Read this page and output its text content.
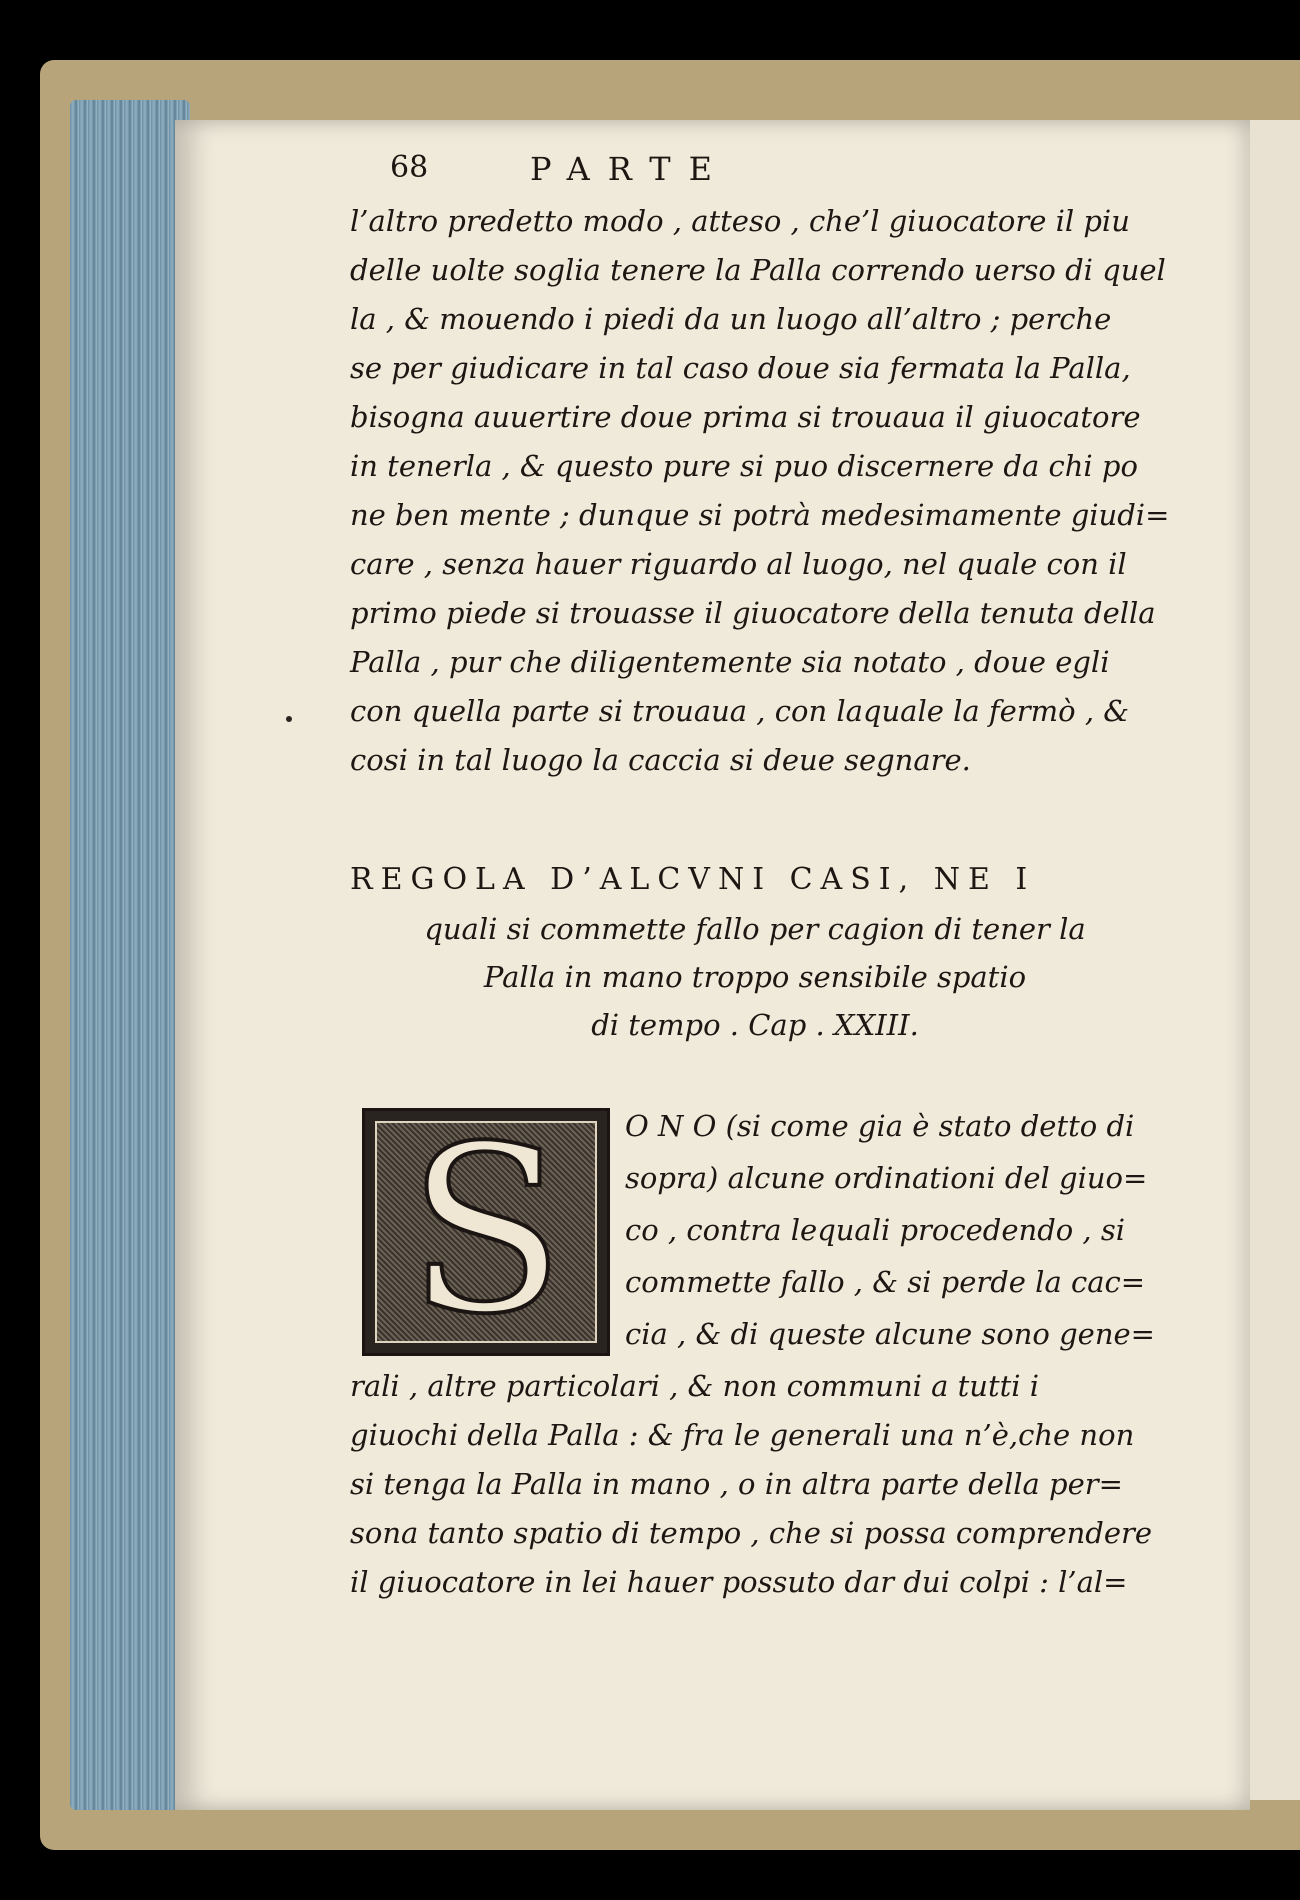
68	PARTE
l’altro predetto modo , atteso , che’l giuocatore il piu
delle uolte soglia tenere la Palla correndo uerso di quel
la , & mouendo i piedi da un luogo all’altro ; perche
se per giudicare in tal caso doue sia fermata la Palla,
bisogna auuertire doue prima si trouaua il giuocatore
in tenerla , & questo pure si puo discernere da chi po
ne ben mente ; dunque si potrà medesimamente giudi=
care , senza hauer riguardo al luogo, nel quale con il
primo piede si trouasse il giuocatore della tenuta della
Palla , pur che diligentemente sia notato , doue egli
con quella parte si trouaua , con laquale la fermò , &
cosi in tal luogo la caccia si deue segnare.
REGOLA D’ALCVNI CASI, NE I
quali si commette fallo per cagion di tener la
Palla in mano troppo sensibile spatio
di tempo . Cap . XXIII.
S	O N O (si come gia è stato detto di
sopra) alcune ordinationi del giuo=
co , contra lequali procedendo , si
commette fallo , & si perde la cac=
cia , & di queste alcune sono gene=
rali , altre particolari , & non communi a tutti i
giuochi della Palla : & fra le generali una n’è,che non
si tenga la Palla in mano , o in altra parte della per=
sona tanto spatio di tempo , che si possa comprendere
il giuocatore in lei hauer possuto dar dui colpi : l’al=
